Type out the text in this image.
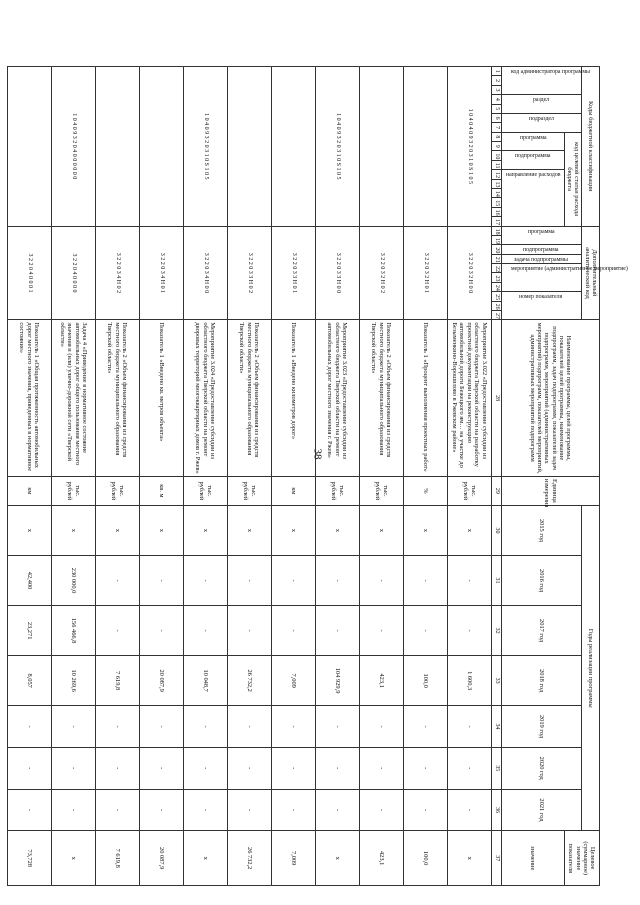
38
Коды бюджетной классификации																	Дополнительный аналитический код										Наименование программы, целей программы, показателей целей программы, наименование подпрограмм, задач подпрограмм, показателей задач подпрограмм, мероприятий (административных мероприятий) подпрограмм, показателей мероприятий, административных мероприятий подпрограмм	Единица измерения	Годы реализации программы							Целевое (суммарное) значение показателя

код администратора программы			раздел		подраздел		код целевой статьи расхода бюджета										программа		подпрограмма	задача подпрограммы	мероприятие (административное мероприятие)			номер показателя					2015 год	2016 год	2017 год	2018 год	2019 год	2020 год	2021 год	

							программа		подпрограмма		направление расходов																									значение
1	2	3	4	5	6	7	8	9	10	11	12	13	14	15	16	17	18	19	20	21	22	23	24	25	26	27	28	29	30	31	32	33	34	35	36	37
1 0 4 0 4 0 9 3 2 0 3 1 0 S 1 0 5																	3 2 2 0 3 2 Н 0 0										Мероприятие 3.022 «Предоставление субсидии из областного бюджета Тверской области на разработку проектной документации на реконструкцию автомобильной дороги Бежецкого ям… на участке до Безыменкино-Ворошилово в Ржевском районе»	тыс. рублей	х	-	-	1 600,3	-	-	-	х
																	3 2 2 0 3 2 Н 0 1										Показатель 1 «Процент выполнения проектных работ»	%	х	-	-	100,0	-	-	-	100,0
																	3 2 2 0 3 2 Н 0 2										Показатель 2 «Объем финансирования из средств местного бюджета муниципального образования Тверской области»	тыс. рублей	х	-	-	423,1	-	-	-	423,1
1 0 4 0 9 3 2 0 3 1 0 S 1 0 5																	3 2 2 0 3 3 Н 0 0										Мероприятие 3.023 «Предоставление субсидии из областного бюджета Тверской области на ремонт автомобильных дорог местного значения г. Ржев»	тыс. рублей	х	-	-	104 929,9	-	-	-	х
																	3 2 2 0 3 3 Н 0 1										Показатель 1 «Введено километров дорог»	км	х	-	-	7,009	-	-	-	7,009
																	3 2 2 0 3 3 Н 0 2										Показатель 2 «Объем финансирования из средств местного бюджета муниципального образования Тверской области»	тыс. рублей	х	-	-	26 732,2	-	-	-	26 732,2
1 0 4 0 9 3 2 0 3 1 0 S 1 0 5																	3 2 2 0 3 4 Н 0 0										Мероприятие 3.024 «Предоставление субсидии из областного бюджета Тверской области на ремонт дворовых территорий многоквартирных домов г. Ржев»	тыс. рублей	х	-	-	10 048,7	-	-	-	х
																	3 2 2 0 3 4 Н 0 1										Показатель 1 «Введено кв. метров объекта»	кв. м	х	-	-	20 087,9	-	-	-	20 087,9
																	3 2 2 0 3 4 Н 0 2										Показатель 2 «Объем финансирования из средств местного бюджета муниципального образования Тверской области»	тыс. рублей	х	-	-	7 619,8	-	-	-	7 619,8
1 0 4 0 9 3 2 0 4 0 0 0 0 0 0																	3 2 2 0 4 0 0 0 0										Задача 4 «Приведение в нормативное состояние автомобильных дорог общего пользования местного значения и (или) улично-дорожной сети «Тверской области»	тыс. рублей	х	230 000,0	156 466,8	10 269,6	-	-	-	х
																	3 2 2 0 4 0 0 0 1										Показатель 1 «Общая протяженность автомобильных дорог местного значения, приведенных в нормативное состояние»	км	х	42,400	23,271	8,057	-	-	-	73,728
